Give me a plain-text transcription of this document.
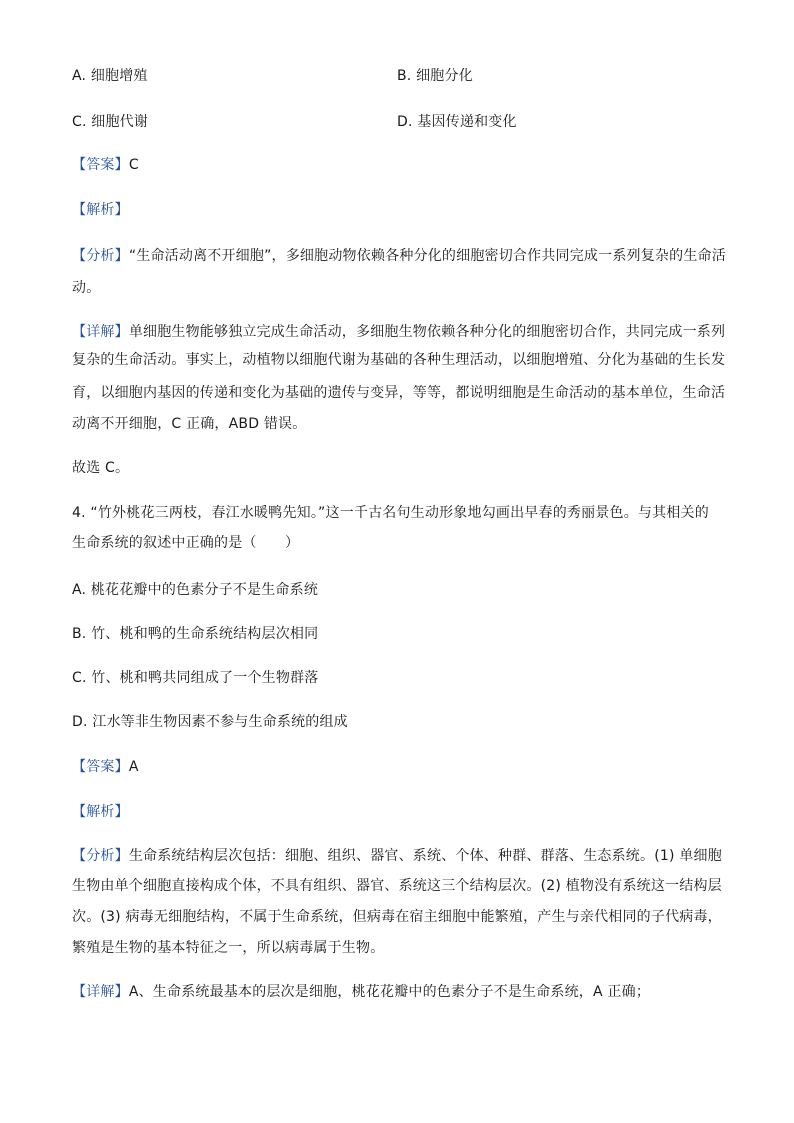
A. 细胞增殖	B. 细胞分化
C. 细胞代谢	D. 基因传递和变化
【答案】C
【解析】
【分析】“生命活动离不开细胞”，多细胞动物依赖各种分化的细胞密切合作共同完成一系列复杂的生命活
动。
【详解】单细胞生物能够独立完成生命活动，多细胞生物依赖各种分化的细胞密切合作，共同完成一系列
复杂的生命活动。事实上，动植物以细胞代谢为基础的各种生理活动，以细胞增殖、分化为基础的生长发
育，以细胞内基因的传递和变化为基础的遗传与变异，等等，都说明细胞是生命活动的基本单位，生命活
动离不开细胞，C 正确，ABD 错误。
故选 C。
4. “竹外桃花三两枝，春江水暖鸭先知。”这一千古名句生动形象地勾画出早春的秀丽景色。与其相关的
生命系统的叙述中正确的是（　　）
A. 桃花花瓣中的色素分子不是生命系统
B. 竹、桃和鸭的生命系统结构层次相同
C. 竹、桃和鸭共同组成了一个生物群落
D. 江水等非生物因素不参与生命系统的组成
【答案】A
【解析】
【分析】生命系统结构层次包括：细胞、组织、器官、系统、个体、种群、群落、生态系统。(1) 单细胞
生物由单个细胞直接构成个体，不具有组织、器官、系统这三个结构层次。(2) 植物没有系统这一结构层
次。(3) 病毒无细胞结构，不属于生命系统，但病毒在宿主细胞中能繁殖，产生与亲代相同的子代病毒，
繁殖是生物的基本特征之一，所以病毒属于生物。
【详解】A、生命系统最基本的层次是细胞，桃花花瓣中的色素分子不是生命系统，A 正确；
